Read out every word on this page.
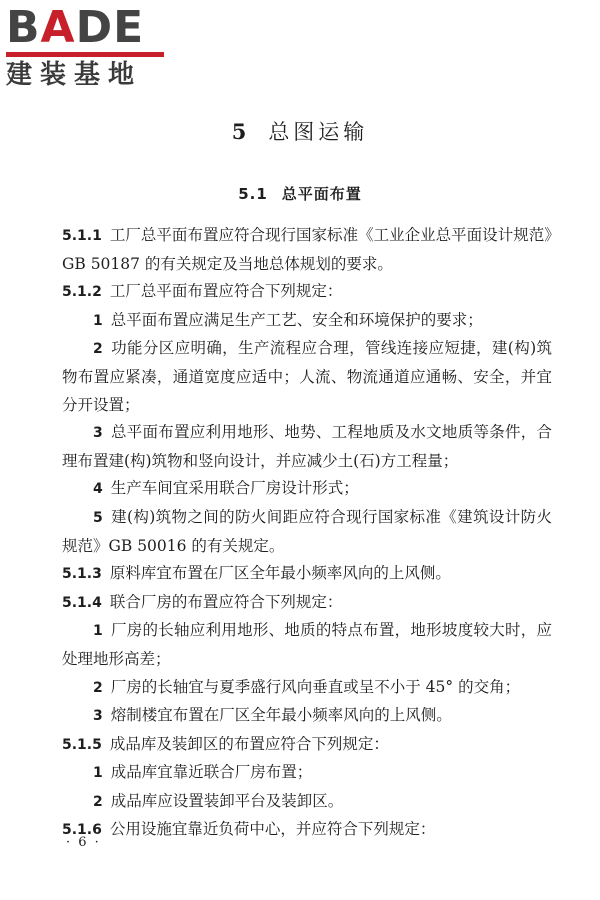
BADE
建装基地
5 总图运输
5.1 总平面布置

5.1.1 工厂总平面布置应符合现行国家标准《工业企业总平面设计规范》GB 50187 的有关规定及当地总体规划的要求。

5.1.2 工厂总平面布置应符合下列规定：

1 总平面布置应满足生产工艺、安全和环境保护的要求；

2 功能分区应明确，生产流程应合理，管线连接应短捷，建(构)筑物布置应紧凑，通道宽度应适中；人流、物流通道应通畅、安全，并宜分开设置；

3 总平面布置应利用地形、地势、工程地质及水文地质等条件，合理布置建(构)筑物和竖向设计，并应减少土(石)方工程量；

4 生产车间宜采用联合厂房设计形式；

5 建(构)筑物之间的防火间距应符合现行国家标准《建筑设计防火规范》GB 50016 的有关规定。

5.1.3 原料库宜布置在厂区全年最小频率风向的上风侧。

5.1.4 联合厂房的布置应符合下列规定：

1 厂房的长轴应利用地形、地质的特点布置，地形坡度较大时，应处理地形高差；

2 厂房的长轴宜与夏季盛行风向垂直或呈不小于 45° 的交角；

3 熔制楼宜布置在厂区全年最小频率风向的上风侧。

5.1.5 成品库及装卸区的布置应符合下列规定：

1 成品库宜靠近联合厂房布置；

2 成品库应设置装卸平台及装卸区。

5.1.6 公用设施宜靠近负荷中心，并应符合下列规定：

· 6 ·
